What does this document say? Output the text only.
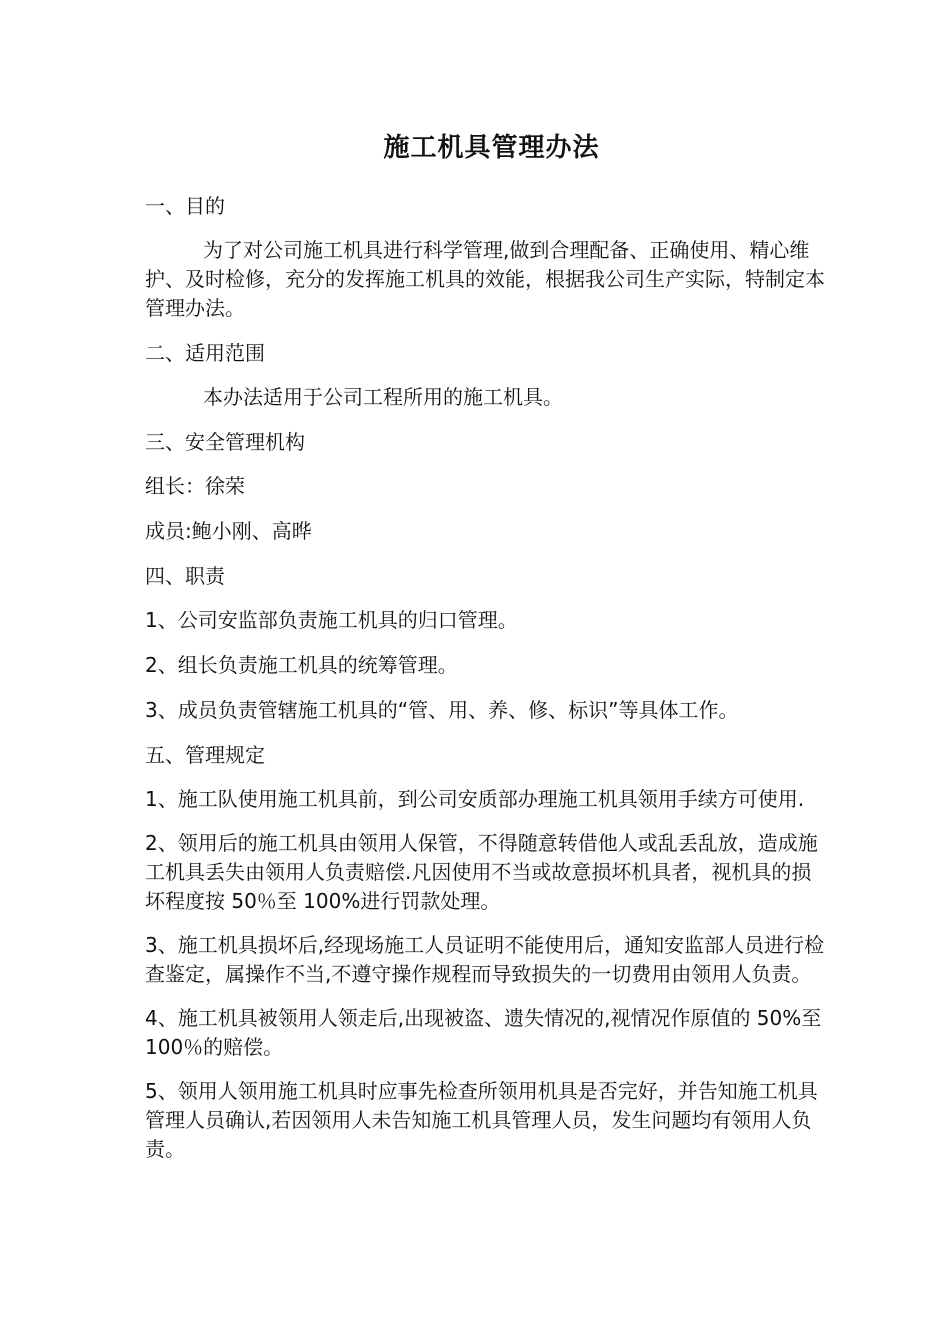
施工机具管理办法
一、目的
为了对公司施工机具进行科学管理,做到合理配备、正确使用、精心维护、及时检修，充分的发挥施工机具的效能，根据我公司生产实际，特制定本管理办法。
二、适用范围
本办法适用于公司工程所用的施工机具。
三、安全管理机构
组长：徐荣
成员:鲍小刚、高晔
四、职责
1、公司安监部负责施工机具的归口管理。
2、组长负责施工机具的统筹管理。
3、成员负责管辖施工机具的“管、用、养、修、标识”等具体工作。
五、管理规定
1、施工队使用施工机具前，到公司安质部办理施工机具领用手续方可使用.
2、领用后的施工机具由领用人保管，不得随意转借他人或乱丢乱放，造成施工机具丢失由领用人负责赔偿.凡因使用不当或故意损坏机具者，视机具的损坏程度按 50％至 100%进行罚款处理。
3、施工机具损坏后,经现场施工人员证明不能使用后，通知安监部人员进行检查鉴定，属操作不当,不遵守操作规程而导致损失的一切费用由领用人负责。
4、施工机具被领用人领走后,出现被盗、遗失情况的,视情况作原值的 50%至 100％的赔偿。
5、领用人领用施工机具时应事先检查所领用机具是否完好，并告知施工机具管理人员确认,若因领用人未告知施工机具管理人员，发生问题均有领用人负责。
